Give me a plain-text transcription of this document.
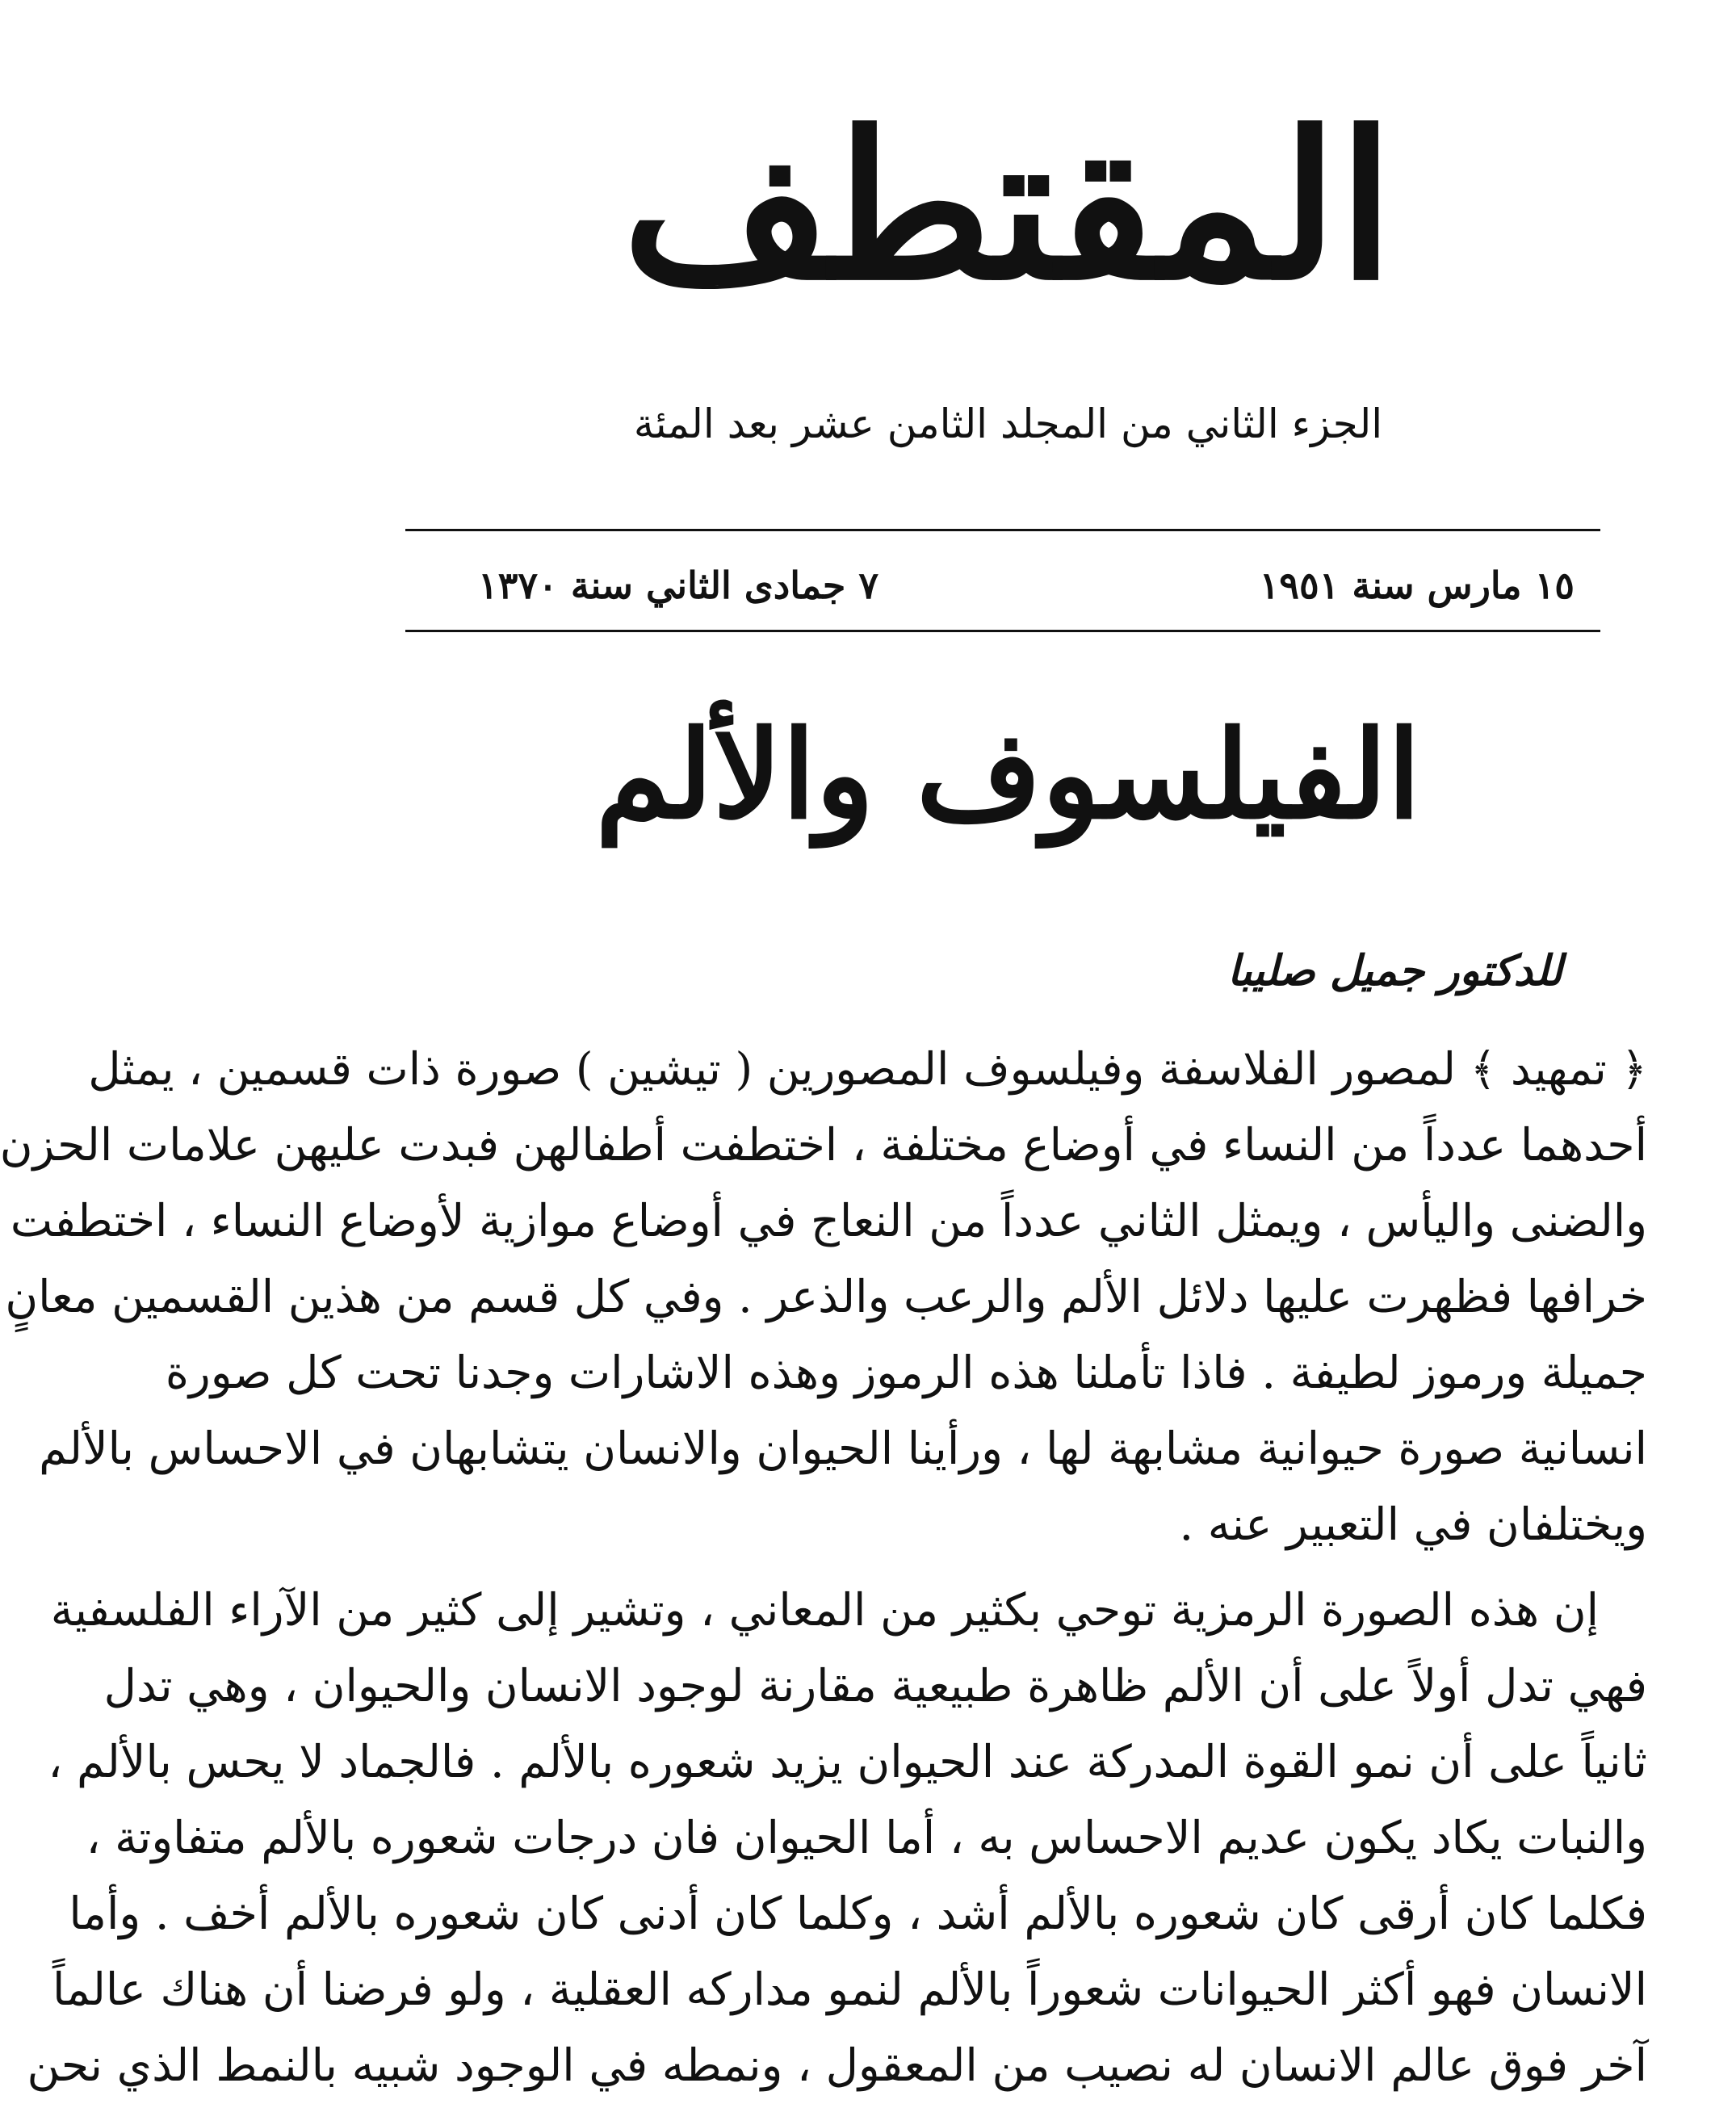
المقتطف
الجزء الثاني من المجلد الثامن عشر بعد المئة
١٥ مارس سنة ١٩٥١
٧ جمادى الثاني سنة ١٣٧٠
الفيلسوف والألم
للدكتور جميل صليبا
﴿ تمهيد ﴾ لمصور الفلاسفة وفيلسوف المصورين ( تيشين ) صورة ذات قسمين ، يمثل
أحدهما عدداً من النساء في أوضاع مختلفة ، اختطفت أطفالهن فبدت عليهن علامات الحزن
والضنى واليأس ، ويمثل الثاني عدداً من النعاج في أوضاع موازية لأوضاع النساء ، اختطفت
خرافها فظهرت عليها دلائل الألم والرعب والذعر . وفي كل قسم من هذين القسمين معانٍ
جميلة ورموز لطيفة . فاذا تأملنا هذه الرموز وهذه الاشارات وجدنا تحت كل صورة
انسانية صورة حيوانية مشابهة لها ، ورأينا الحيوان والانسان يتشابهان في الاحساس بالألم
ويختلفان في التعبير عنه .
إن هذه الصورة الرمزية توحي بكثير من المعاني ، وتشير إلى كثير من الآراء الفلسفية
فهي تدل أولاً على أن الألم ظاهرة طبيعية مقارنة لوجود الانسان والحيوان ، وهي تدل
ثانياً على أن نمو القوة المدركة عند الحيوان يزيد شعوره بالألم . فالجماد لا يحس بالألم ،
والنبات يكاد يكون عديم الاحساس به ، أما الحيوان فان درجات شعوره بالألم متفاوتة ،
فكلما كان أرقى كان شعوره بالألم أشد ، وكلما كان أدنى كان شعوره بالألم أخف . وأما
الانسان فهو أكثر الحيوانات شعوراً بالألم لنمو مداركه العقلية ، ولو فرضنا أن هناك عالماً
آخر فوق عالم الانسان له نصيب من المعقول ، ونمطه في الوجود شبيه بالنمط الذي نحن
